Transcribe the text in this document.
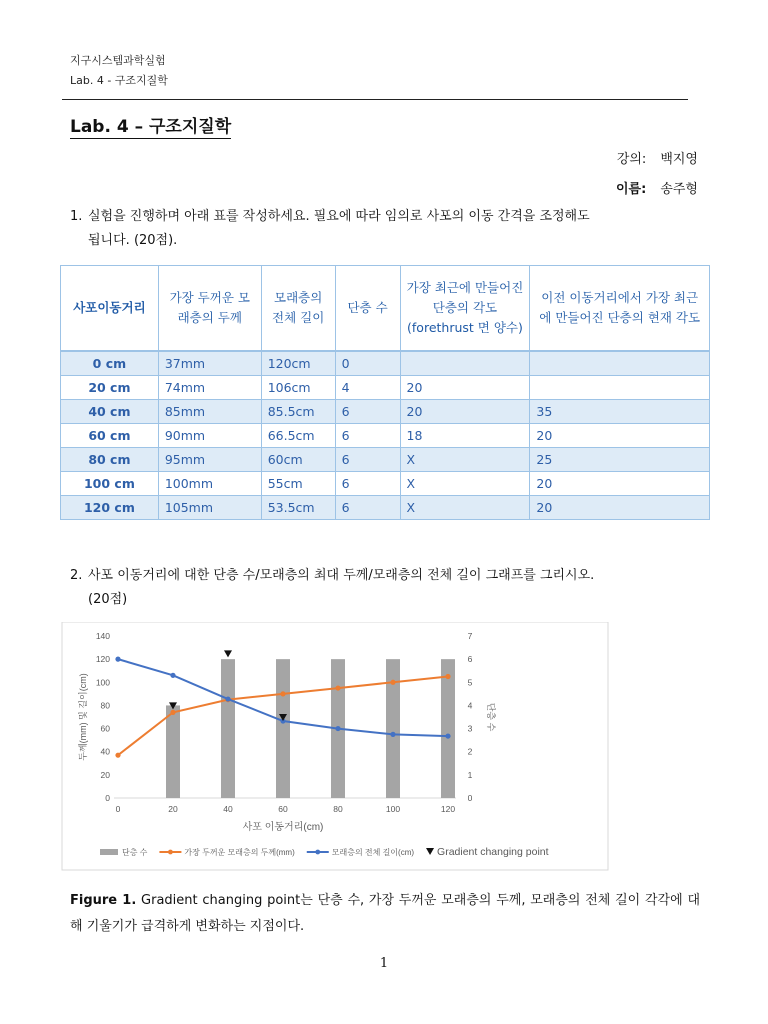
지구시스템과학실험
Lab. 4 - 구조지질학
Lab. 4 – 구조지질학
강의: 백지영
이름: 송주형
1. 실험을 진행하며 아래 표를 작성하세요. 필요에 따라 임의로 사포의 이동 간격을 조정해도
됩니다. (20점).
사포이동거리	가장 두꺼운 모래층의 두께	모래층의 전체 길이	단층 수	가장 최근에 만들어진 단층의 각도(forethrust 면 양수)	이전 이동거리에서 가장 최근에 만들어진 단층의 현재 각도
0 cm	37mm	120cm	0		
20 cm	74mm	106cm	4	20	
40 cm	85mm	85.5cm	6	20	35
60 cm	90mm	66.5cm	6	18	20
80 cm	95mm	60cm	6	X	25
100 cm	100mm	55cm	6	X	20
120 cm	105mm	53.5cm	6	X	20
2. 사포 이동거리에 대한 단층 수/모래층의 최대 두께/모래층의 전체 길이 그래프를 그리시오.
(20점)
0
20
40
60
80
100
120
140
0
1
2
3
4
5
6
7
0	20	40	60	80	100	120
사포 이동거리(cm)
두께(mm) 및 길이(cm)	단층 수
단층 수	가장 두꺼운 모래층의 두께(mm)	모래층의 전체 길이(cm) Gradient changing point
Figure 1. Gradient changing point는 단층 수, 가장 두꺼운 모래층의 두께, 모래층의 전체 길이 각각에 대해 기울기가 급격하게 변화하는 지점이다.
1
